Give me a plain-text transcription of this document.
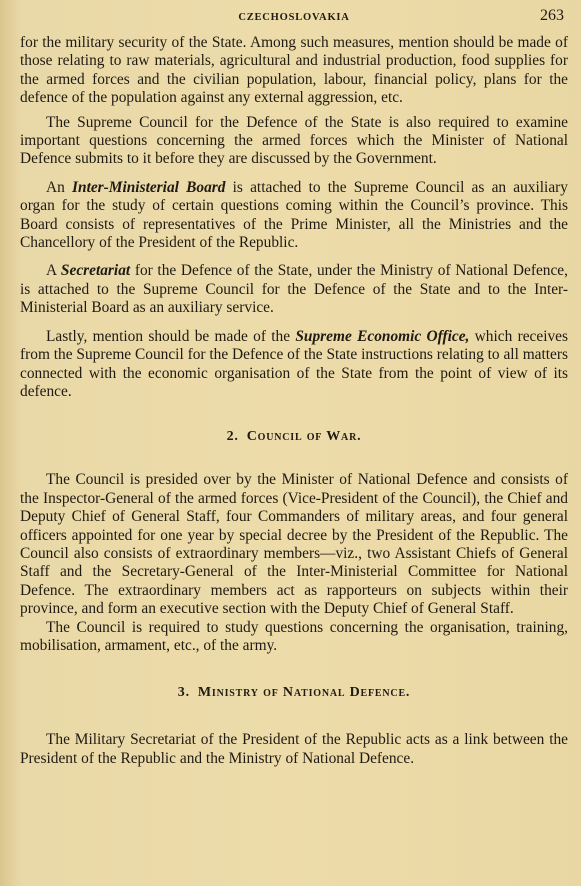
CZECHOSLOVAKIA	263

for the military security of the State. Among such measures, mention should be made of those relating to raw materials, agricultural and industrial production, food supplies for the armed forces and the civilian population, labour, financial policy, plans for the defence of the population against any external aggression, etc.

The Supreme Council for the Defence of the State is also required to examine important questions concerning the armed forces which the Minister of National Defence submits to it before they are discussed by the Government.

An Inter-Ministerial Board is attached to the Supreme Council as an auxiliary organ for the study of certain questions coming within the Council’s province. This Board consists of representatives of the Prime Minister, all the Ministries and the Chancellory of the President of the Republic.

A Secretariat for the Defence of the State, under the Ministry of National Defence, is attached to the Supreme Council for the Defence of the State and to the Inter-Ministerial Board as an auxiliary service.

Lastly, mention should be made of the Supreme Economic Office, which receives from the Supreme Council for the Defence of the State instructions relating to all matters connected with the economic organisation of the State from the point of view of its defence.

2. Council of War.

The Council is presided over by the Minister of National Defence and consists of the Inspector-General of the armed forces (Vice-President of the Council), the Chief and Deputy Chief of General Staff, four Commanders of military areas, and four general officers appointed for one year by special decree by the President of the Republic. The Council also consists of extraordinary members—viz., two Assistant Chiefs of General Staff and the Secretary-General of the Inter-Ministerial Committee for National Defence. The extraordinary members act as rapporteurs on subjects within their province, and form an executive section with the Deputy Chief of General Staff.

The Council is required to study questions concerning the organisation, training, mobilisation, armament, etc., of the army.

3. Ministry of National Defence.

The Military Secretariat of the President of the Republic acts as a link between the President of the Republic and the Ministry of National Defence.
